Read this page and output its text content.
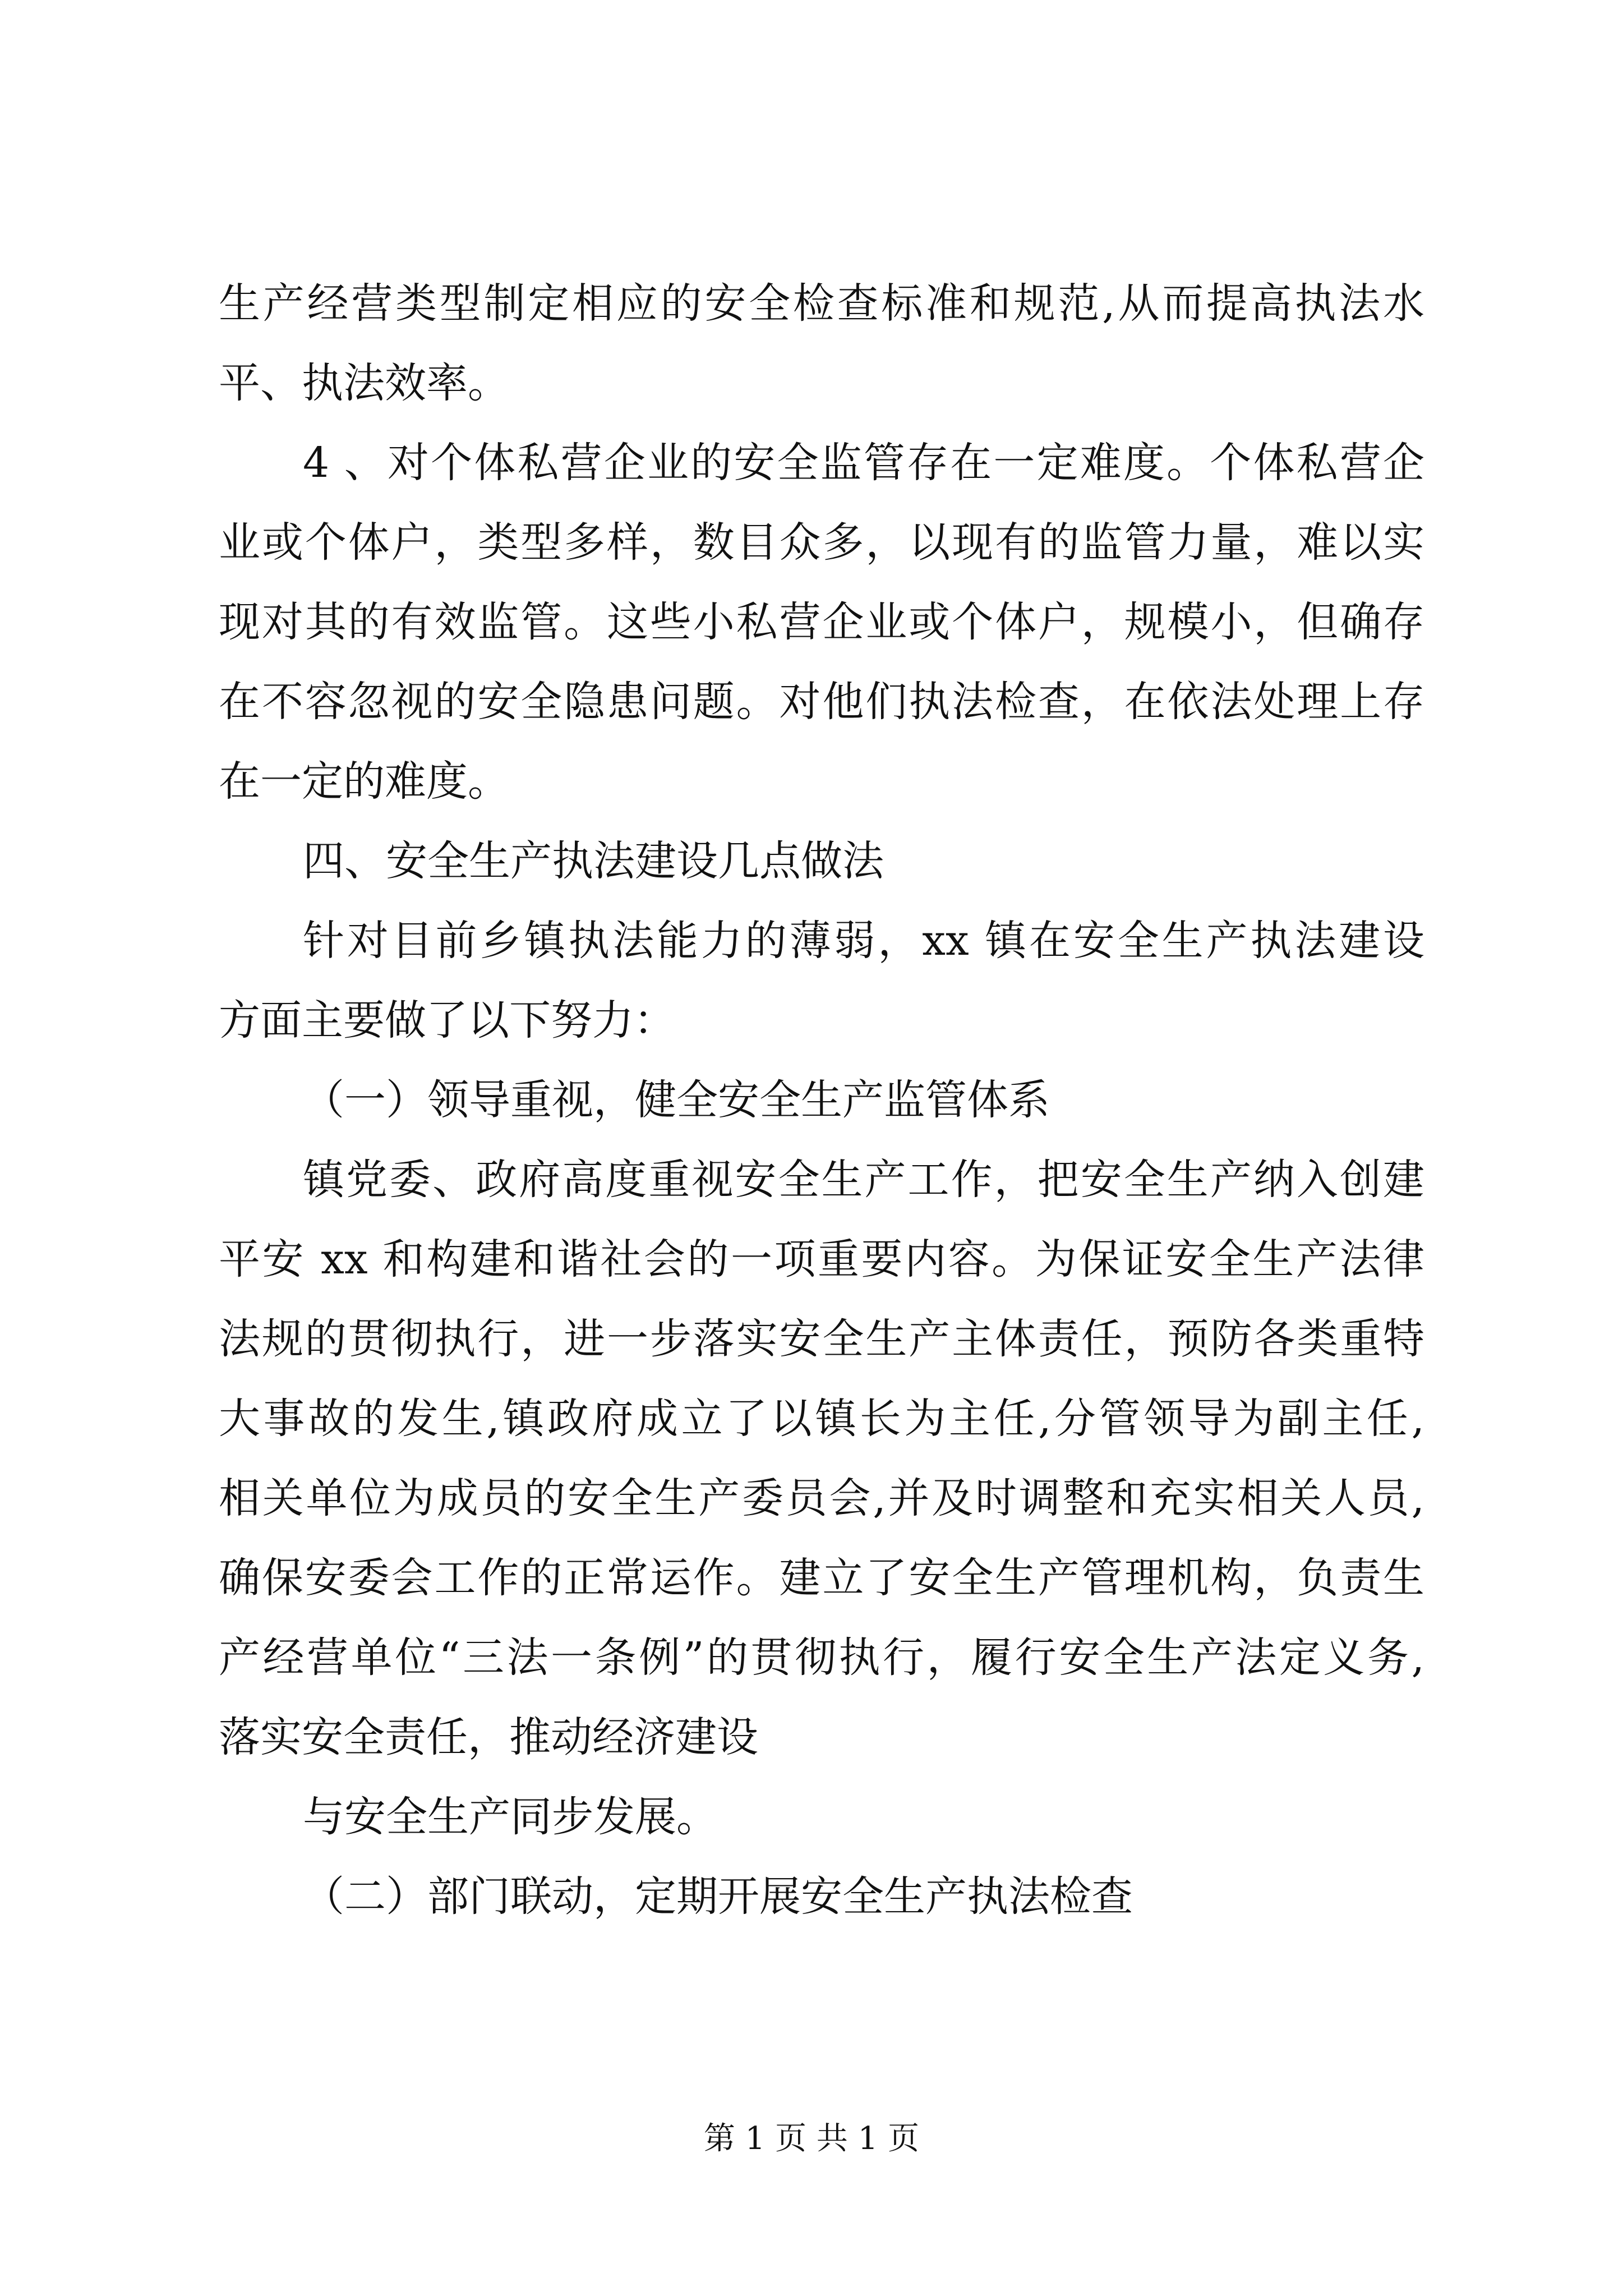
生产经营类型制定相应的安全检查标准和规范,从而提高执法水
平、执法效率。
4 、对个体私营企业的安全监管存在一定难度。个体私营企
业或个体户，类型多样，数目众多，以现有的监管力量，难以实
现对其的有效监管。这些小私营企业或个体户，规模小，但确存
在不容忽视的安全隐患问题。对他们执法检查，在依法处理上存
在一定的难度。
四、安全生产执法建设几点做法
针对目前乡镇执法能力的薄弱，xx 镇在安全生产执法建设
方面主要做了以下努力：
（一）领导重视，健全安全生产监管体系
镇党委、政府高度重视安全生产工作，把安全生产纳入创建
平安 xx 和构建和谐社会的一项重要内容。为保证安全生产法律
法规的贯彻执行，进一步落实安全生产主体责任，预防各类重特
大事故的发生,镇政府成立了以镇长为主任,分管领导为副主任,
相关单位为成员的安全生产委员会,并及时调整和充实相关人员,
确保安委会工作的正常运作。建立了安全生产管理机构，负责生
产经营单位“三法一条例”的贯彻执行，履行安全生产法定义务,
落实安全责任，推动经济建设
与安全生产同步发展。
（二）部门联动，定期开展安全生产执法检查
第 1 页 共 1 页
